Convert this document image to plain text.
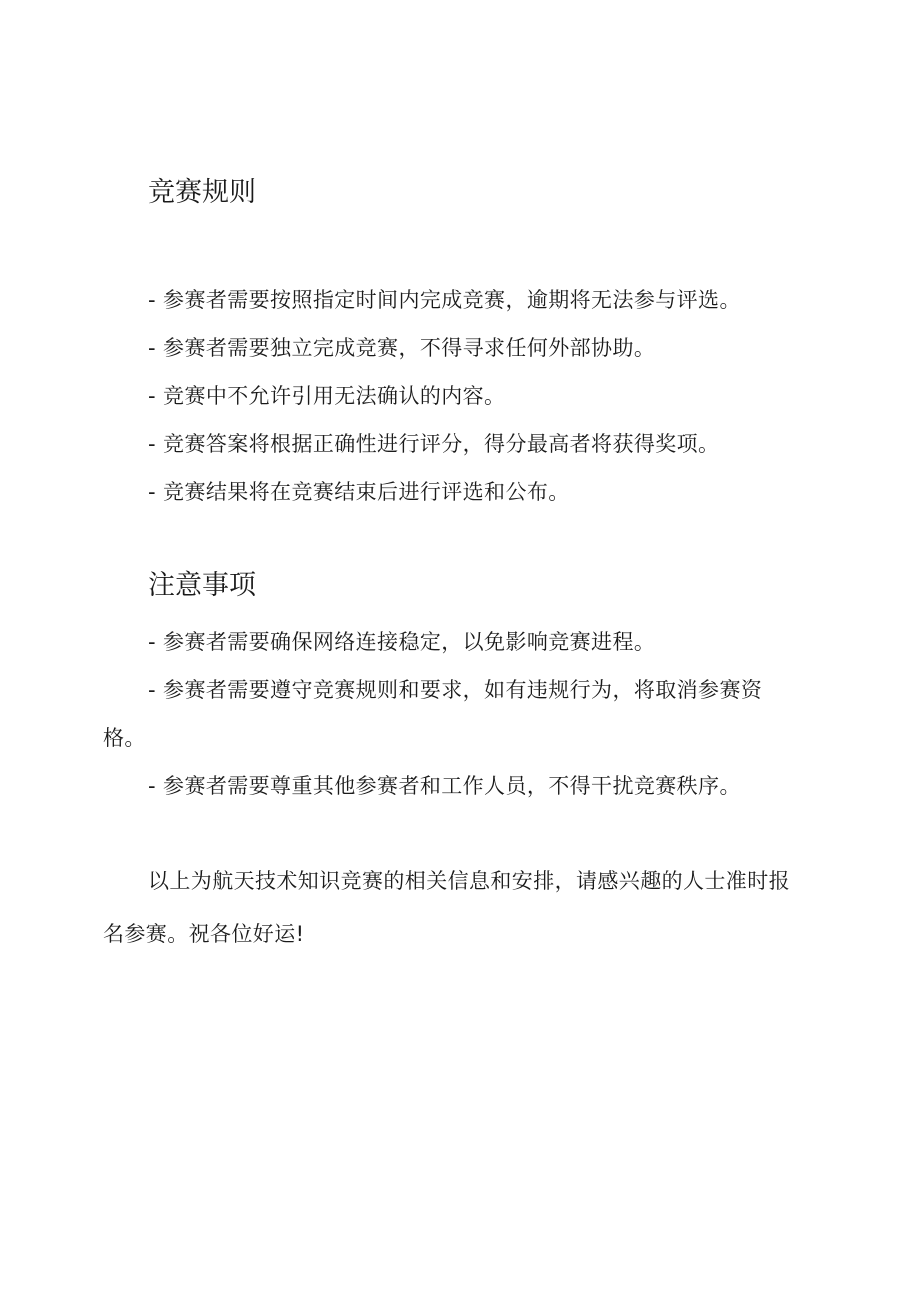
竞赛规则
- 参赛者需要按照指定时间内完成竞赛，逾期将无法参与评选。
- 参赛者需要独立完成竞赛，不得寻求任何外部协助。
- 竞赛中不允许引用无法确认的内容。
- 竞赛答案将根据正确性进行评分，得分最高者将获得奖项。
- 竞赛结果将在竞赛结束后进行评选和公布。
注意事项
- 参赛者需要确保网络连接稳定，以免影响竞赛进程。
- 参赛者需要遵守竞赛规则和要求，如有违规行为，将取消参赛资格。
- 参赛者需要尊重其他参赛者和工作人员，不得干扰竞赛秩序。

以上为航天技术知识竞赛的相关信息和安排，请感兴趣的人士准时报名参赛。祝各位好运!
